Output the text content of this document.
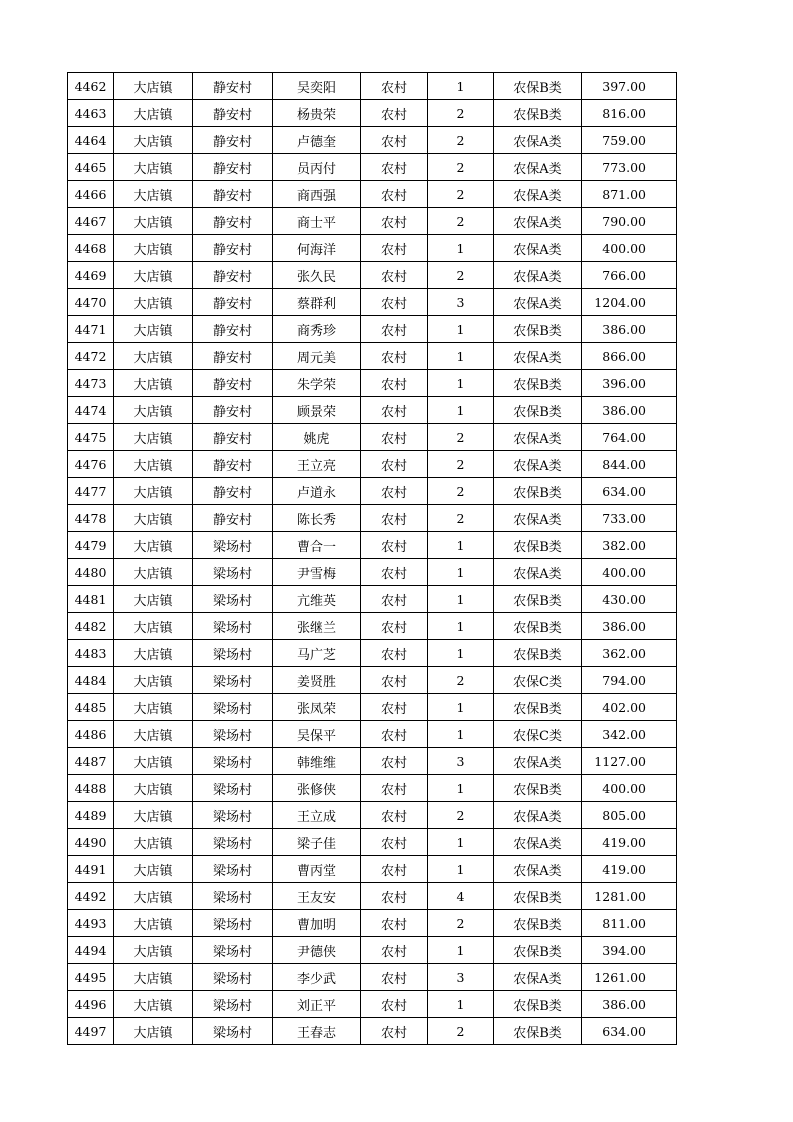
4462	大店镇	静安村	吴奕阳	农村	1	农保B类	397.00
4463	大店镇	静安村	杨贵荣	农村	2	农保B类	816.00
4464	大店镇	静安村	卢德奎	农村	2	农保A类	759.00
4465	大店镇	静安村	员丙付	农村	2	农保A类	773.00
4466	大店镇	静安村	商西强	农村	2	农保A类	871.00
4467	大店镇	静安村	商士平	农村	2	农保A类	790.00
4468	大店镇	静安村	何海洋	农村	1	农保A类	400.00
4469	大店镇	静安村	张久民	农村	2	农保A类	766.00
4470	大店镇	静安村	蔡群利	农村	3	农保A类	1204.00
4471	大店镇	静安村	商秀珍	农村	1	农保B类	386.00
4472	大店镇	静安村	周元美	农村	1	农保A类	866.00
4473	大店镇	静安村	朱学荣	农村	1	农保B类	396.00
4474	大店镇	静安村	顾景荣	农村	1	农保B类	386.00
4475	大店镇	静安村	姚虎	农村	2	农保A类	764.00
4476	大店镇	静安村	王立亮	农村	2	农保A类	844.00
4477	大店镇	静安村	卢道永	农村	2	农保B类	634.00
4478	大店镇	静安村	陈长秀	农村	2	农保A类	733.00
4479	大店镇	梁场村	曹合一	农村	1	农保B类	382.00
4480	大店镇	梁场村	尹雪梅	农村	1	农保A类	400.00
4481	大店镇	梁场村	亢维英	农村	1	农保B类	430.00
4482	大店镇	梁场村	张继兰	农村	1	农保B类	386.00
4483	大店镇	梁场村	马广芝	农村	1	农保B类	362.00
4484	大店镇	梁场村	姜贤胜	农村	2	农保C类	794.00
4485	大店镇	梁场村	张凤荣	农村	1	农保B类	402.00
4486	大店镇	梁场村	吴保平	农村	1	农保C类	342.00
4487	大店镇	梁场村	韩维维	农村	3	农保A类	1127.00
4488	大店镇	梁场村	张修侠	农村	1	农保B类	400.00
4489	大店镇	梁场村	王立成	农村	2	农保A类	805.00
4490	大店镇	梁场村	梁子佳	农村	1	农保A类	419.00
4491	大店镇	梁场村	曹丙堂	农村	1	农保A类	419.00
4492	大店镇	梁场村	王友安	农村	4	农保B类	1281.00
4493	大店镇	梁场村	曹加明	农村	2	农保B类	811.00
4494	大店镇	梁场村	尹德侠	农村	1	农保B类	394.00
4495	大店镇	梁场村	李少武	农村	3	农保A类	1261.00
4496	大店镇	梁场村	刘正平	农村	1	农保B类	386.00
4497	大店镇	梁场村	王春志	农村	2	农保B类	634.00
